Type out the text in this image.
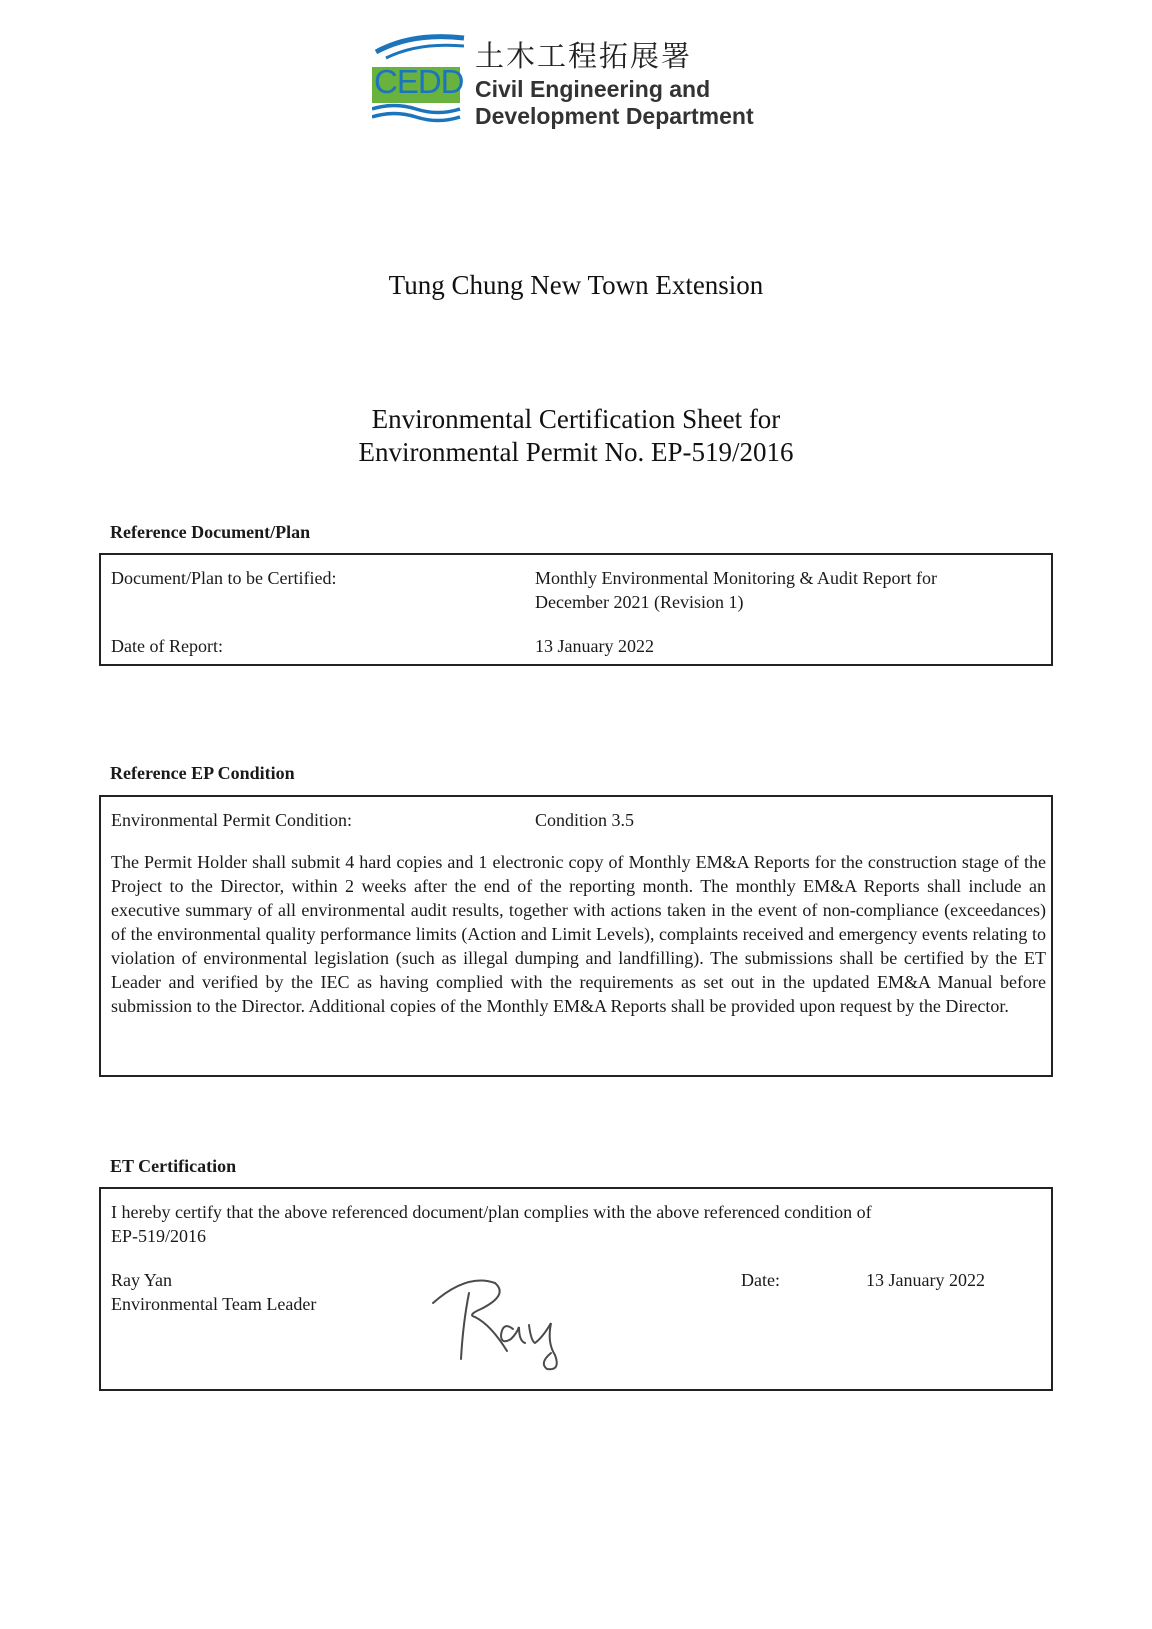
CEDD
土木工程拓展署
Civil Engineering and
Development Department
Tung Chung New Town Extension
Environmental Certification Sheet for
Environmental Permit No. EP-519/2016
Reference Document/Plan
Document/Plan to be Certified:	Monthly Environmental Monitoring & Audit Report for
December 2021 (Revision 1)
Date of Report:	13 January 2022
Reference EP Condition
Environmental Permit Condition:	Condition 3.5

The Permit Holder shall submit 4 hard copies and 1 electronic copy of Monthly EM&A Reports for the construction stage of the Project to the Director, within 2 weeks after the end of the reporting month. The monthly EM&A Reports shall include an executive summary of all environmental audit results, together with actions taken in the event of non-compliance (exceedances) of the environmental quality performance limits (Action and Limit Levels), complaints received and emergency events relating to violation of environmental legislation (such as illegal dumping and landfilling). The submissions shall be certified by the ET Leader and verified by the IEC as having complied with the requirements as set out in the updated EM&A Manual before submission to the Director. Additional copies of the Monthly EM&A Reports shall be provided upon request by the Director.

ET Certification
I hereby certify that the above referenced document/plan complies with the above referenced condition of
EP-519/2016
Ray Yan
Environmental Team Leader
Date:	13 January 2022
